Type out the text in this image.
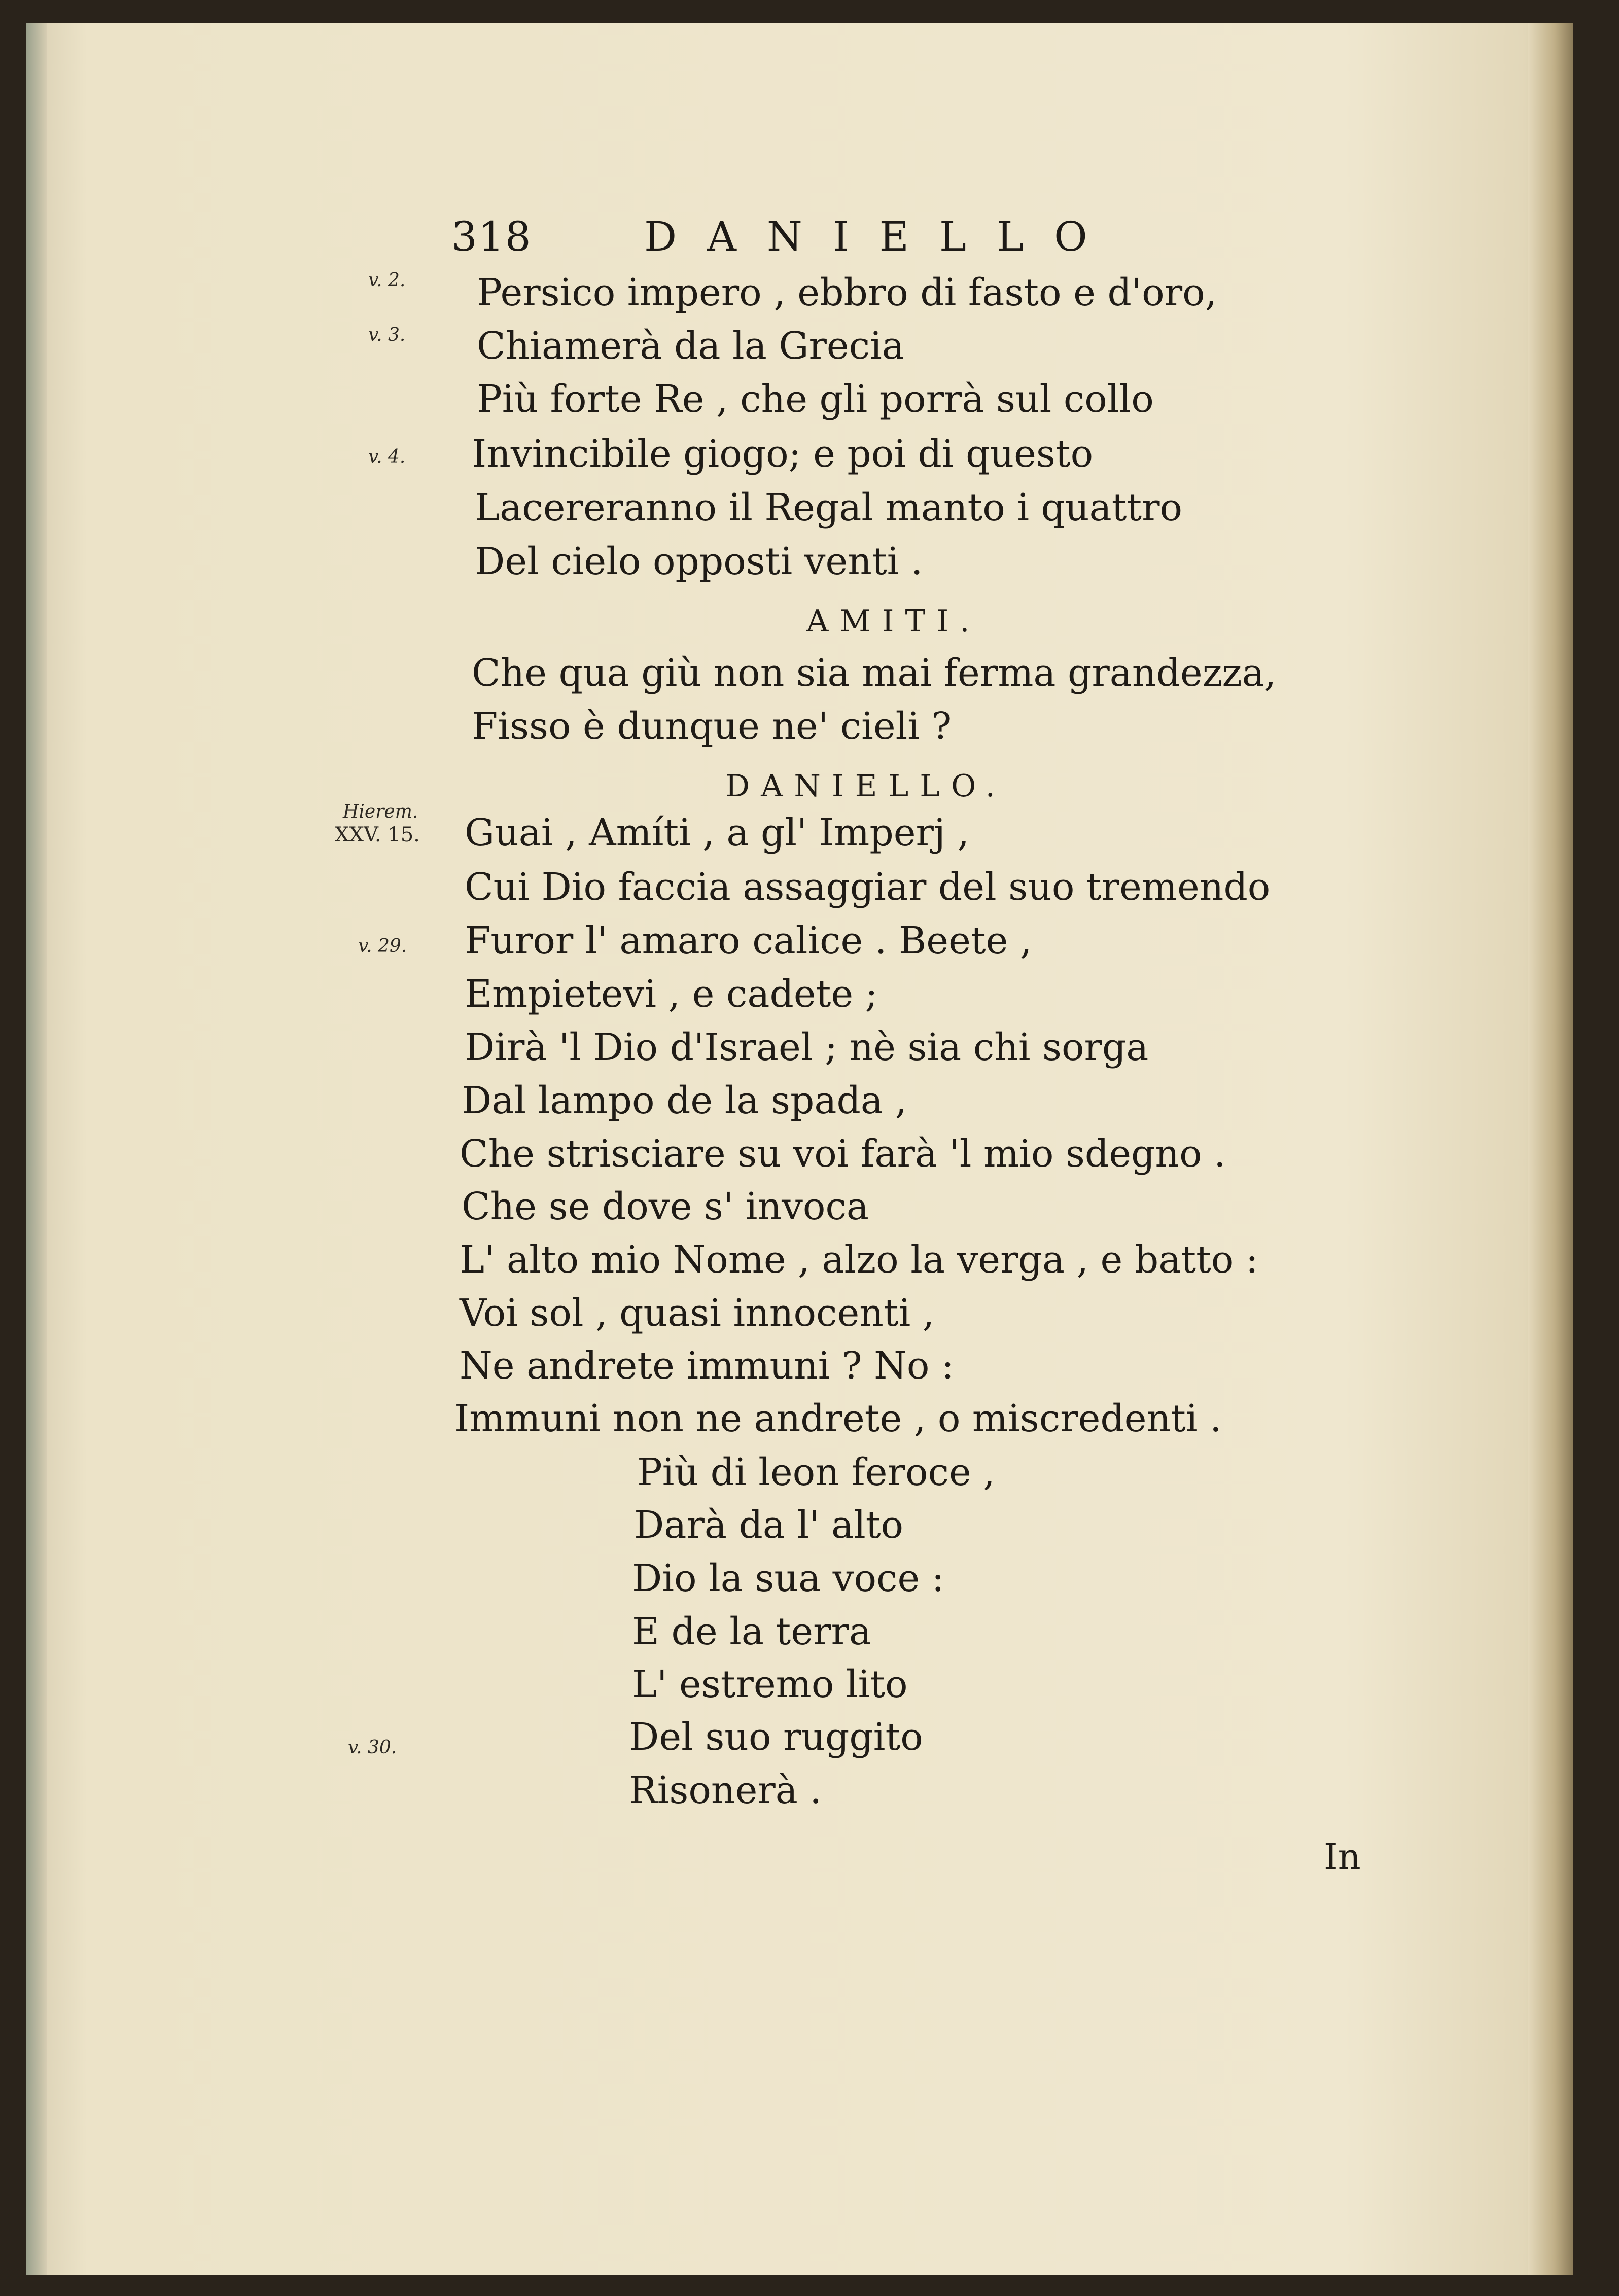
318	DANIELLO
v. 2.
v. 3.
v. 4.
Hierem.
XXV. 15.
v. 29.
v. 30.
Persico impero , ebbro di fasto e d'oro,
Chiamerà da la Grecia
Più forte Re , che gli porrà sul collo
Invincibile giogo; e poi di questo
Lacereranno il Regal manto i quattro
Del cielo opposti venti .
AMITI.
Che qua giù non sia mai ferma grandezza,
Fisso è dunque ne' cieli ?
DANIELLO.
Guai , Amíti , a gl' Imperj ,
Cui Dio faccia assaggiar del suo tremendo
Furor l' amaro calice . Beete ,
Empietevi , e cadete ;
Dirà 'l Dio d'Israel ; nè sia chi sorga
Dal lampo de la spada ,
Che strisciare su voi farà 'l mio sdegno .
Che se dove s' invoca
L' alto mio Nome , alzo la verga , e batto :
Voi sol , quasi innocenti ,
Ne andrete immuni ? No :
Immuni non ne andrete , o miscredenti .
Più di leon feroce ,
Darà da l' alto
Dio la sua voce :
E de la terra
L' estremo lito
Del suo ruggito
Risonerà .
In
